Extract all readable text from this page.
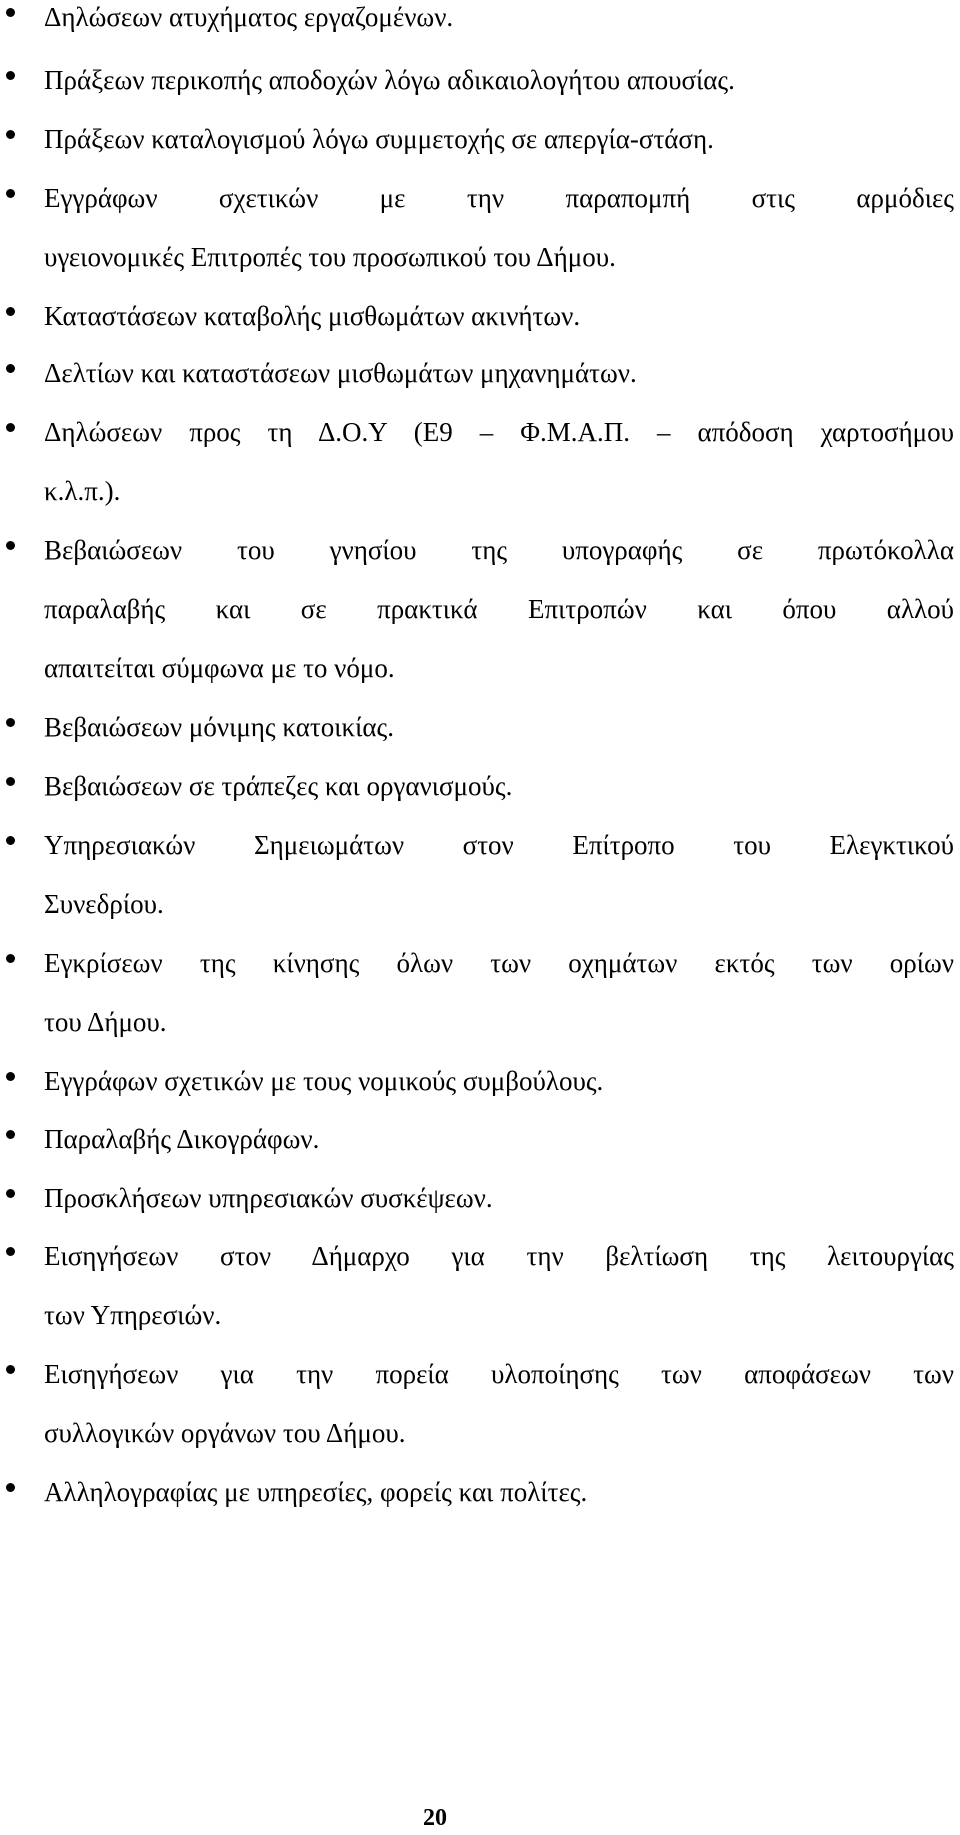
Δηλώσεων ατυχήματος εργαζομένων.
Πράξεων περικοπής αποδοχών λόγω αδικαιολογήτου απουσίας.
Πράξεων καταλογισμού λόγω συμμετοχής σε απεργία-στάση.
Εγγράφων σχετικών με την παραπομπή στις αρμόδιες
υγειονομικές Επιτροπές του προσωπικού του Δήμου.
Καταστάσεων καταβολής μισθωμάτων ακινήτων.
Δελτίων και καταστάσεων μισθωμάτων μηχανημάτων.
Δηλώσεων προς τη Δ.Ο.Υ (Ε9 – Φ.Μ.Α.Π. – απόδοση χαρτοσήμου
κ.λ.π.).
Βεβαιώσεων του γνησίου της υπογραφής σε πρωτόκολλα
παραλαβής και σε πρακτικά Επιτροπών και όπου αλλού
απαιτείται σύμφωνα με το νόμο.
Βεβαιώσεων μόνιμης κατοικίας.
Βεβαιώσεων σε τράπεζες και οργανισμούς.
Υπηρεσιακών Σημειωμάτων στον Επίτροπο του Ελεγκτικού
Συνεδρίου.
Εγκρίσεων της κίνησης όλων των οχημάτων εκτός των ορίων
του Δήμου.
Εγγράφων σχετικών με τους νομικούς συμβούλους.
Παραλαβής Δικογράφων.
Προσκλήσεων υπηρεσιακών συσκέψεων.
Εισηγήσεων στον Δήμαρχο για την βελτίωση της λειτουργίας
των Υπηρεσιών.
Εισηγήσεων για την πορεία υλοποίησης των αποφάσεων των
συλλογικών οργάνων του Δήμου.
Αλληλογραφίας με υπηρεσίες, φορείς και πολίτες.
20
